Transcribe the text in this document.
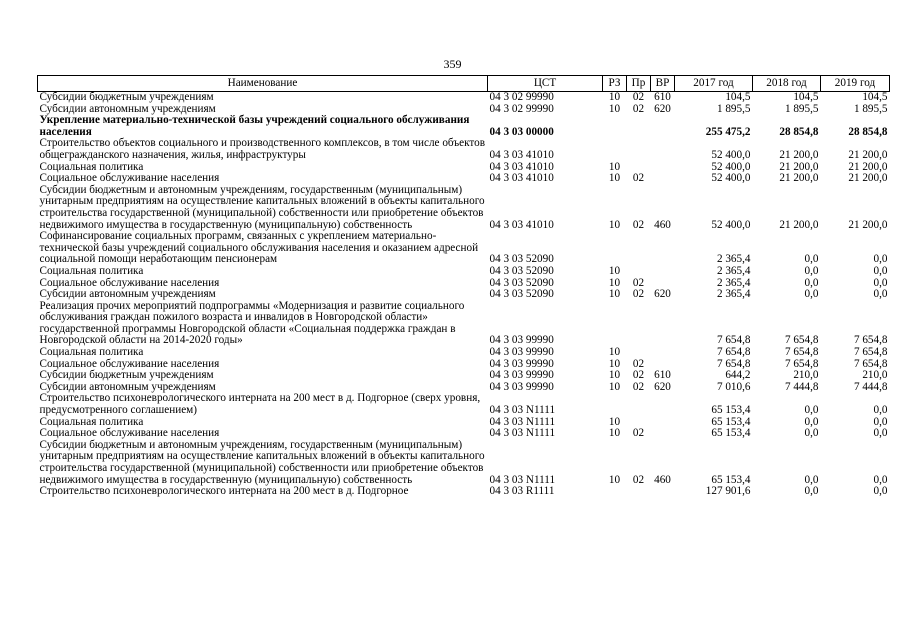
359
Наименование	ЦСТ	РЗ	Пр	ВР	2017 год	2018 год	2019 год
Субсидии бюджетным учреждениям	04 3 02 99990	10	02	610	104,5	104,5	104,5
Субсидии автономным учреждениям	04 3 02 99990	10	02	620	1 895,5	1 895,5	1 895,5
Укрепление материально-технической базы учреждений социального обслуживания населения	04 3 03 00000				255 475,2	28 854,8	28 854,8
Строительство объектов социального и производственного комплексов, в том числе объектов общегражданского назначения, жилья, инфраструктуры	04 3 03 41010				52 400,0	21 200,0	21 200,0
Социальная политика	04 3 03 41010	10			52 400,0	21 200,0	21 200,0
Социальное обслуживание населения	04 3 03 41010	10	02		52 400,0	21 200,0	21 200,0
Субсидии бюджетным и автономным учреждениям, государственным (муниципальным) унитарным предприятиям на осуществление капитальных вложений в объекты капитального строительства государственной (муниципальной) собственности или приобретение объектов недвижимого имущества в государственную (муниципальную) собственность	04 3 03 41010	10	02	460	52 400,0	21 200,0	21 200,0
Софинансирование социальных программ, связанных с укреплением материально-технической базы учреждений социального обслуживания населения и оказанием адресной социальной помощи неработающим пенсионерам	04 3 03 52090				2 365,4	0,0	0,0
Социальная политика	04 3 03 52090	10			2 365,4	0,0	0,0
Социальное обслуживание населения	04 3 03 52090	10	02		2 365,4	0,0	0,0
Субсидии автономным учреждениям	04 3 03 52090	10	02	620	2 365,4	0,0	0,0
Реализация прочих мероприятий подпрограммы «Модернизация и развитие социального обслуживания граждан пожилого возраста и инвалидов в Новгородской области» государственной программы Новгородской области «Социальная поддержка граждан в Новгородской области на 2014-2020 годы»	04 3 03 99990				7 654,8	7 654,8	7 654,8
Социальная политика	04 3 03 99990	10			7 654,8	7 654,8	7 654,8
Социальное обслуживание населения	04 3 03 99990	10	02		7 654,8	7 654,8	7 654,8
Субсидии бюджетным учреждениям	04 3 03 99990	10	02	610	644,2	210,0	210,0
Субсидии автономным учреждениям	04 3 03 99990	10	02	620	7 010,6	7 444,8	7 444,8
Строительство психоневрологического интерната на 200 мест в д. Подгорное (сверх уровня, предусмотренного соглашением)	04 3 03 N1111				65 153,4	0,0	0,0
Социальная политика	04 3 03 N1111	10			65 153,4	0,0	0,0
Социальное обслуживание населения	04 3 03 N1111	10	02		65 153,4	0,0	0,0
Субсидии бюджетным и автономным учреждениям, государственным (муниципальным) унитарным предприятиям на осуществление капитальных вложений в объекты капитального строительства государственной (муниципальной) собственности или приобретение объектов недвижимого имущества в государственную (муниципальную) собственность	04 3 03 N1111	10	02	460	65 153,4	0,0	0,0
Строительство психоневрологического интерната на 200 мест в д. Подгорное	04 3 03 R1111				127 901,6	0,0	0,0
